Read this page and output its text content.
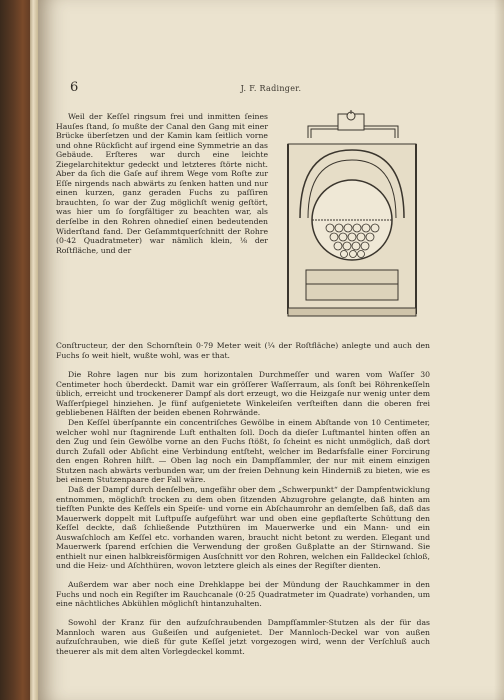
6	J. F. Radinger.

Weil der Keſſel ringsum frei und inmitten ſeines Hauſes ſtand, ſo mußte der Canal den Gang mit einer Brücke überſetzen und der Kamin kam ſeitlich vorne und ohne Rückſicht auf irgend eine Symmetrie an das Gebäude. Erſteres war durch eine leichte Ziegelarchitektur gedeckt und letzteres ſtörte nicht. Aber da ſich die Gaſe auf ihrem Wege vom Roſte zur Eſſe nirgends nach abwärts zu ſenken hatten und nur einen kurzen, ganz geraden Fuchs zu paſſiren brauchten, ſo war der Zug möglichſt wenig geſtört, was hier um ſo ſorgfältiger zu beachten war, als derſelbe in den Rohren ohnedieſ einen bedeutenden Widerſtand fand. Der Geſammtquerſchnitt der Rohre (0·42 Quadratmeter) war nämlich klein, ⅛ der Roſtfläche, und der

Conſtructeur, der den Schornſtein 0·79 Meter weit (¼ der Roſtfläche) anlegte und auch den Fuchs ſo weit hielt, wußte wohl, was er that.

Die Rohre lagen nur bis zum horizontalen Durchmeſſer und waren vom Waſſer 30 Centimeter hoch überdeckt. Damit war ein gröſſerer Waſſerraum, als ſonſt bei Röhrenkeſſeln üblich, erreicht und trockenerer Dampf als dort erzeugt, wo die Heizgaſe nur wenig unter dem Waſſerſpiegel hinziehen. Je fünf aufgenietete Winkeleiſen verſteiften dann die oberen frei gebliebenen Hälften der beiden ebenen Rohrwände.

Den Keſſel überſpannte ein concentriſches Gewölbe in einem Abſtande von 10 Centimeter, welcher wohl nur ſtagnirende Luft enthalten ſoll. Doch da dieſer Luftmantel hinten offen an den Zug und ſein Gewölbe vorne an den Fuchs ſtößt, ſo ſcheint es nicht unmöglich, daß dort durch Zufall oder Abſicht eine Verbindung entſteht, welcher im Bedarfsfalle einer Forcirung den engen Rohren hilft. — Oben lag noch ein Dampfſammler, der nur mit einem einzigen Stutzen nach abwärts verbunden war, um der freien Dehnung kein Hinderniß zu bieten, wie es bei einem Stutzenpaare der Fall wäre.

Daß der Dampf durch denſelben, ungefähr ober dem „Schwerpunkt“ der Dampfentwicklung entnommen, möglichſt trocken zu dem oben ſitzenden Abzugrohre gelangte, daß hinten am tiefſten Punkte des Keſſels ein Speiſe- und vorne ein Abſchaumrohr an demſelben ſaß, daß das Mauerwerk doppelt mit Luftpuſſe aufgeführt war und oben eine gepflaſterte Schüttung den Keſſel deckte, daß ſchließende Putzthüren im Mauerwerke und ein Mann- und ein Auswaſchloch am Keſſel etc. vorhanden waren, braucht nicht betont zu werden. Elegant und Mauerwerk ſparend erſchien die Verwendung der großen Gußplatte an der Stirnwand. Sie enthielt nur einen halbkreisförmigen Ausſchnitt vor den Rohren, welchen ein Falldeckel ſchloß, und die Heiz- und Aſchthüren, wovon letztere gleich als eines der Regiſter dienten.

Außerdem war aber noch eine Drehklappe bei der Mündung der Rauchkammer in den Fuchs und noch ein Regiſter im Rauchcanale (0·25 Quadratmeter im Quadrate) vorhanden, um eine nächtliches Abkühlen möglichſt hintanzuhalten.

Sowohl der Kranz für den aufzuſchraubenden Dampfſammler-Stutzen als der für das Mannloch waren aus Gußeiſen und aufgenietet. Der Mannloch-Deckel war von außen aufzuſchrauben, wie dieß für gute Keſſel jetzt vorgezogen wird, wenn der Verſchluß auch theuerer als mit dem alten Vorlegdeckel kommt.
